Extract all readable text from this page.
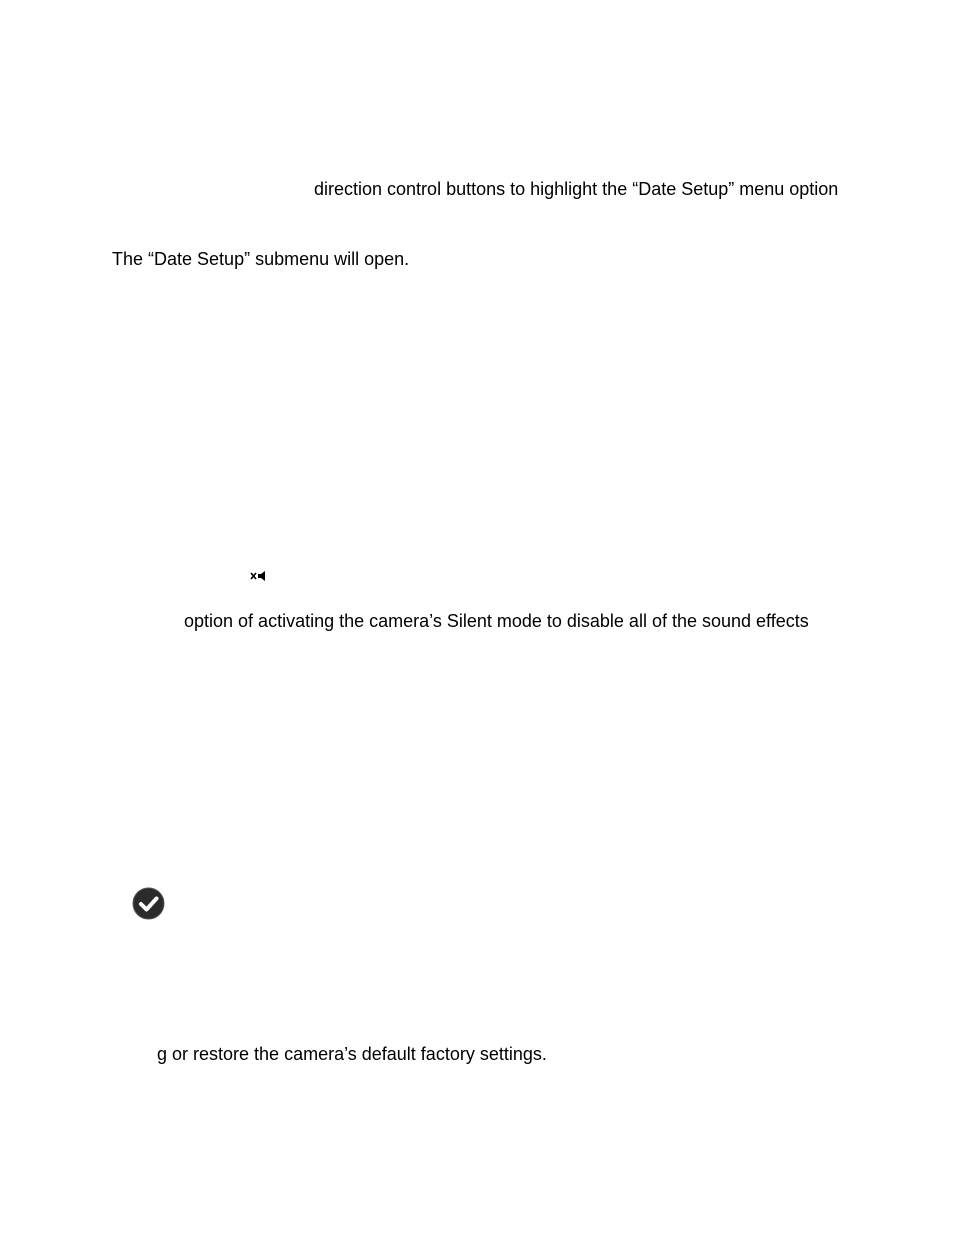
direction control buttons to highlight the “Date Setup” menu option
The “Date Setup” submenu will open.
option of activating the camera’s Silent mode to disable all of the sound effects
g or restore the camera’s default factory settings.
